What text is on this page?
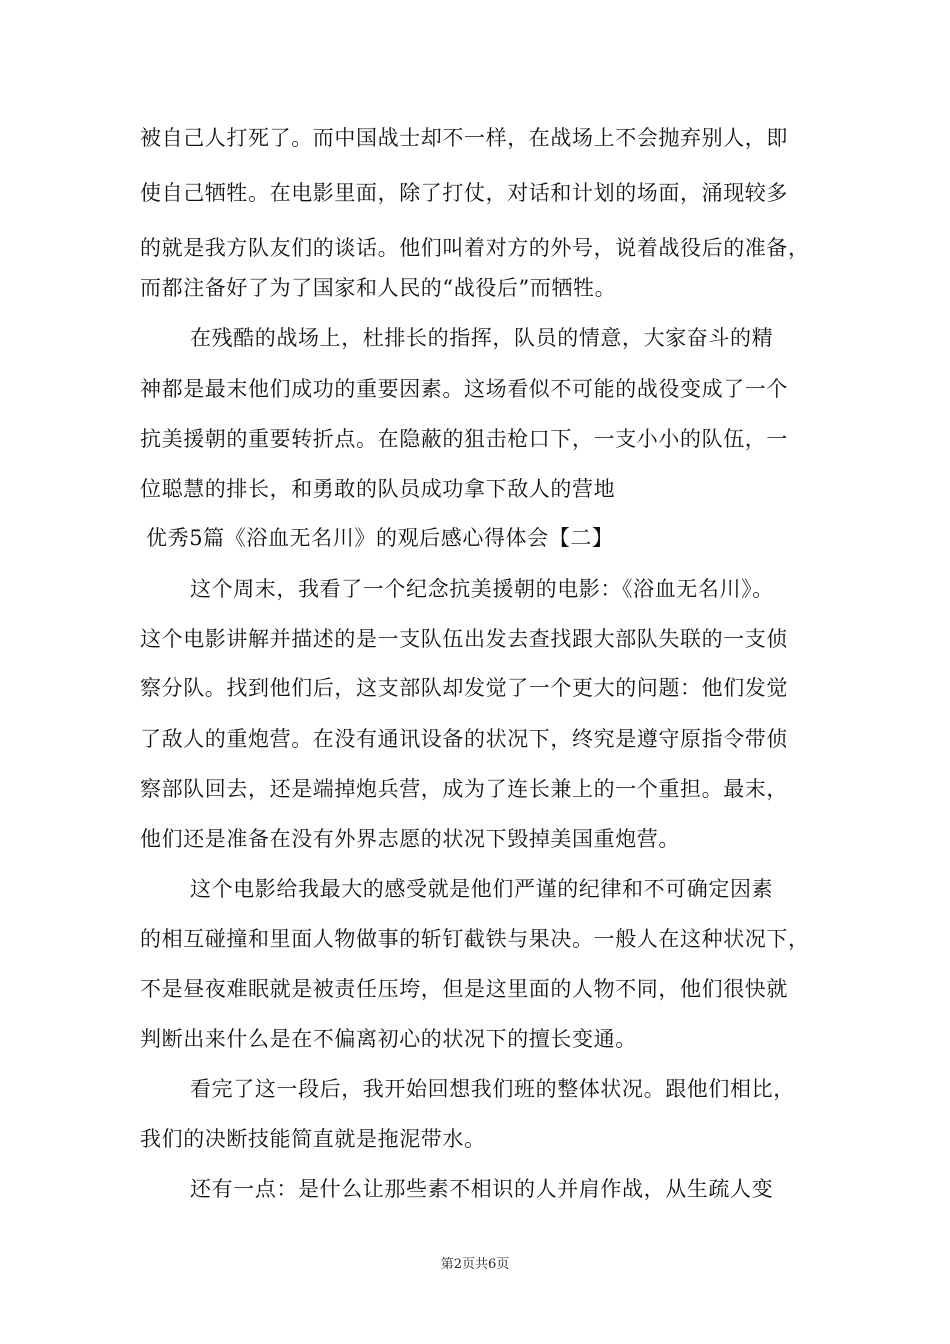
被自己人打死了。而中国战士却不一样，在战场上不会抛弃别人，即
使自己牺牲。在电影里面，除了打仗，对话和计划的场面，涌现较多
的就是我方队友们的谈话。他们叫着对方的外号，说着战役后的准备，
而都注备好了为了国家和人民的“战役后”而牺牲。
在残酷的战场上，杜排长的指挥，队员的情意，大家奋斗的精
神都是最末他们成功的重要因素。这场看似不可能的战役变成了一个
抗美援朝的重要转折点。在隐蔽的狙击枪口下，一支小小的队伍，一
位聪慧的排长，和勇敢的队员成功拿下敌人的营地
优秀5篇《浴血无名川》的观后感心得体会【二】
这个周末，我看了一个纪念抗美援朝的电影：《浴血无名川》。
这个电影讲解并描述的是一支队伍出发去查找跟大部队失联的一支侦
察分队。找到他们后，这支部队却发觉了一个更大的问题：他们发觉
了敌人的重炮营。在没有通讯设备的状况下，终究是遵守原指令带侦
察部队回去，还是端掉炮兵营，成为了连长兼上的一个重担。最末，
他们还是准备在没有外界志愿的状况下毁掉美国重炮营。
这个电影给我最大的感受就是他们严谨的纪律和不可确定因素
的相互碰撞和里面人物做事的斩钉截铁与果决。一般人在这种状况下，
不是昼夜难眠就是被责任压垮，但是这里面的人物不同，他们很快就
判断出来什么是在不偏离初心的状况下的擅长变通。
看完了这一段后，我开始回想我们班的整体状况。跟他们相比，
我们的决断技能简直就是拖泥带水。
还有一点：是什么让那些素不相识的人并肩作战，从生疏人变
第2页共6页
